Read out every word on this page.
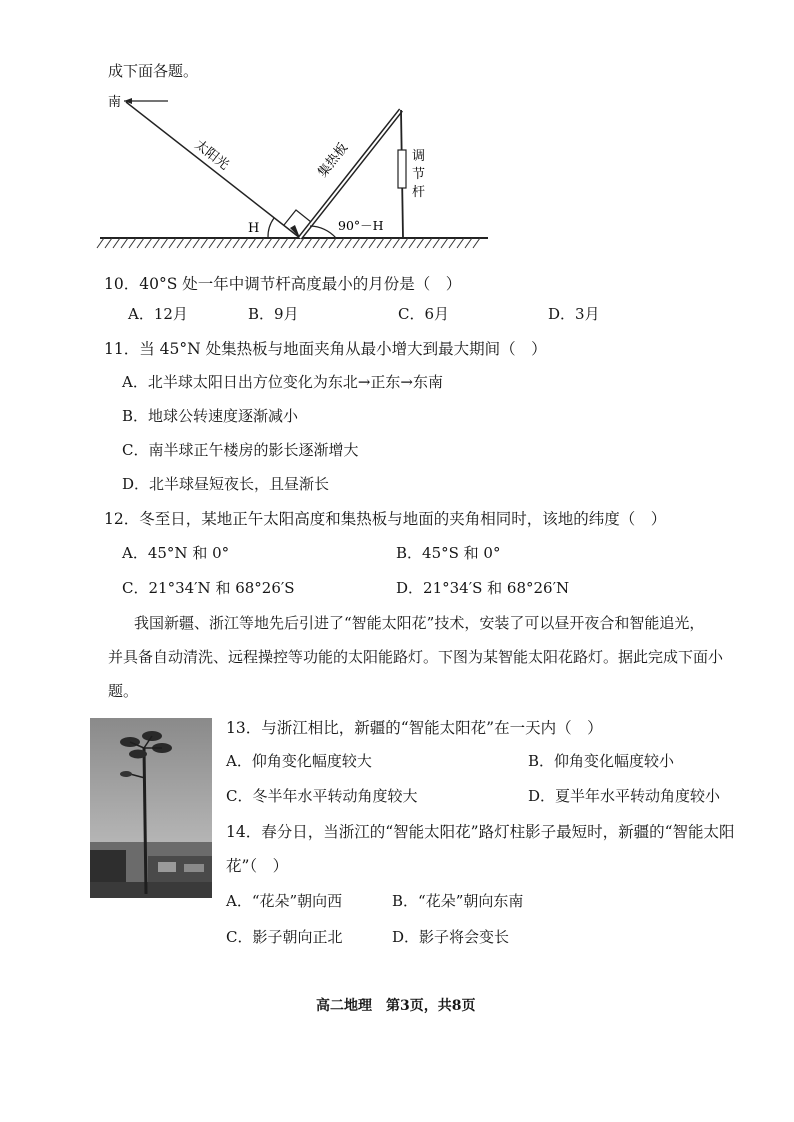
成下面各题。
南
太阳光	集热板	调
节
杆
H	90°－H
10．40°S 处一年中调节杆高度最小的月份是（　）
A．12月	B．9月	C．6月	D．3月
11．当 45°N 处集热板与地面夹角从最小增大到最大期间（　）
A．北半球太阳日出方位变化为东北→正东→东南
B．地球公转速度逐渐减小
C．南半球正午楼房的影长逐渐增大
D．北半球昼短夜长，且昼渐长
12．冬至日，某地正午太阳高度和集热板与地面的夹角相同时，该地的纬度（　）
A．45°N 和 0°	B．45°S 和 0°
C．21°34′N 和 68°26′S	D．21°34′S 和 68°26′N
我国新疆、浙江等地先后引进了“智能太阳花”技术，安装了可以昼开夜合和智能追光，
并具备自动清洗、远程操控等功能的太阳能路灯。下图为某智能太阳花路灯。据此完成下面小
题。
13．与浙江相比，新疆的“智能太阳花”在一天内（　）
A．仰角变化幅度较大	B．仰角变化幅度较小
C．冬半年水平转动角度较大	D．夏半年水平转动角度较小
14．春分日，当浙江的“智能太阳花”路灯柱影子最短时，新疆的“智能太阳
花”（　）
A．“花朵”朝向西	B．“花朵”朝向东南
C．影子朝向正北	D．影子将会变长
高二地理　第3页，共8页
